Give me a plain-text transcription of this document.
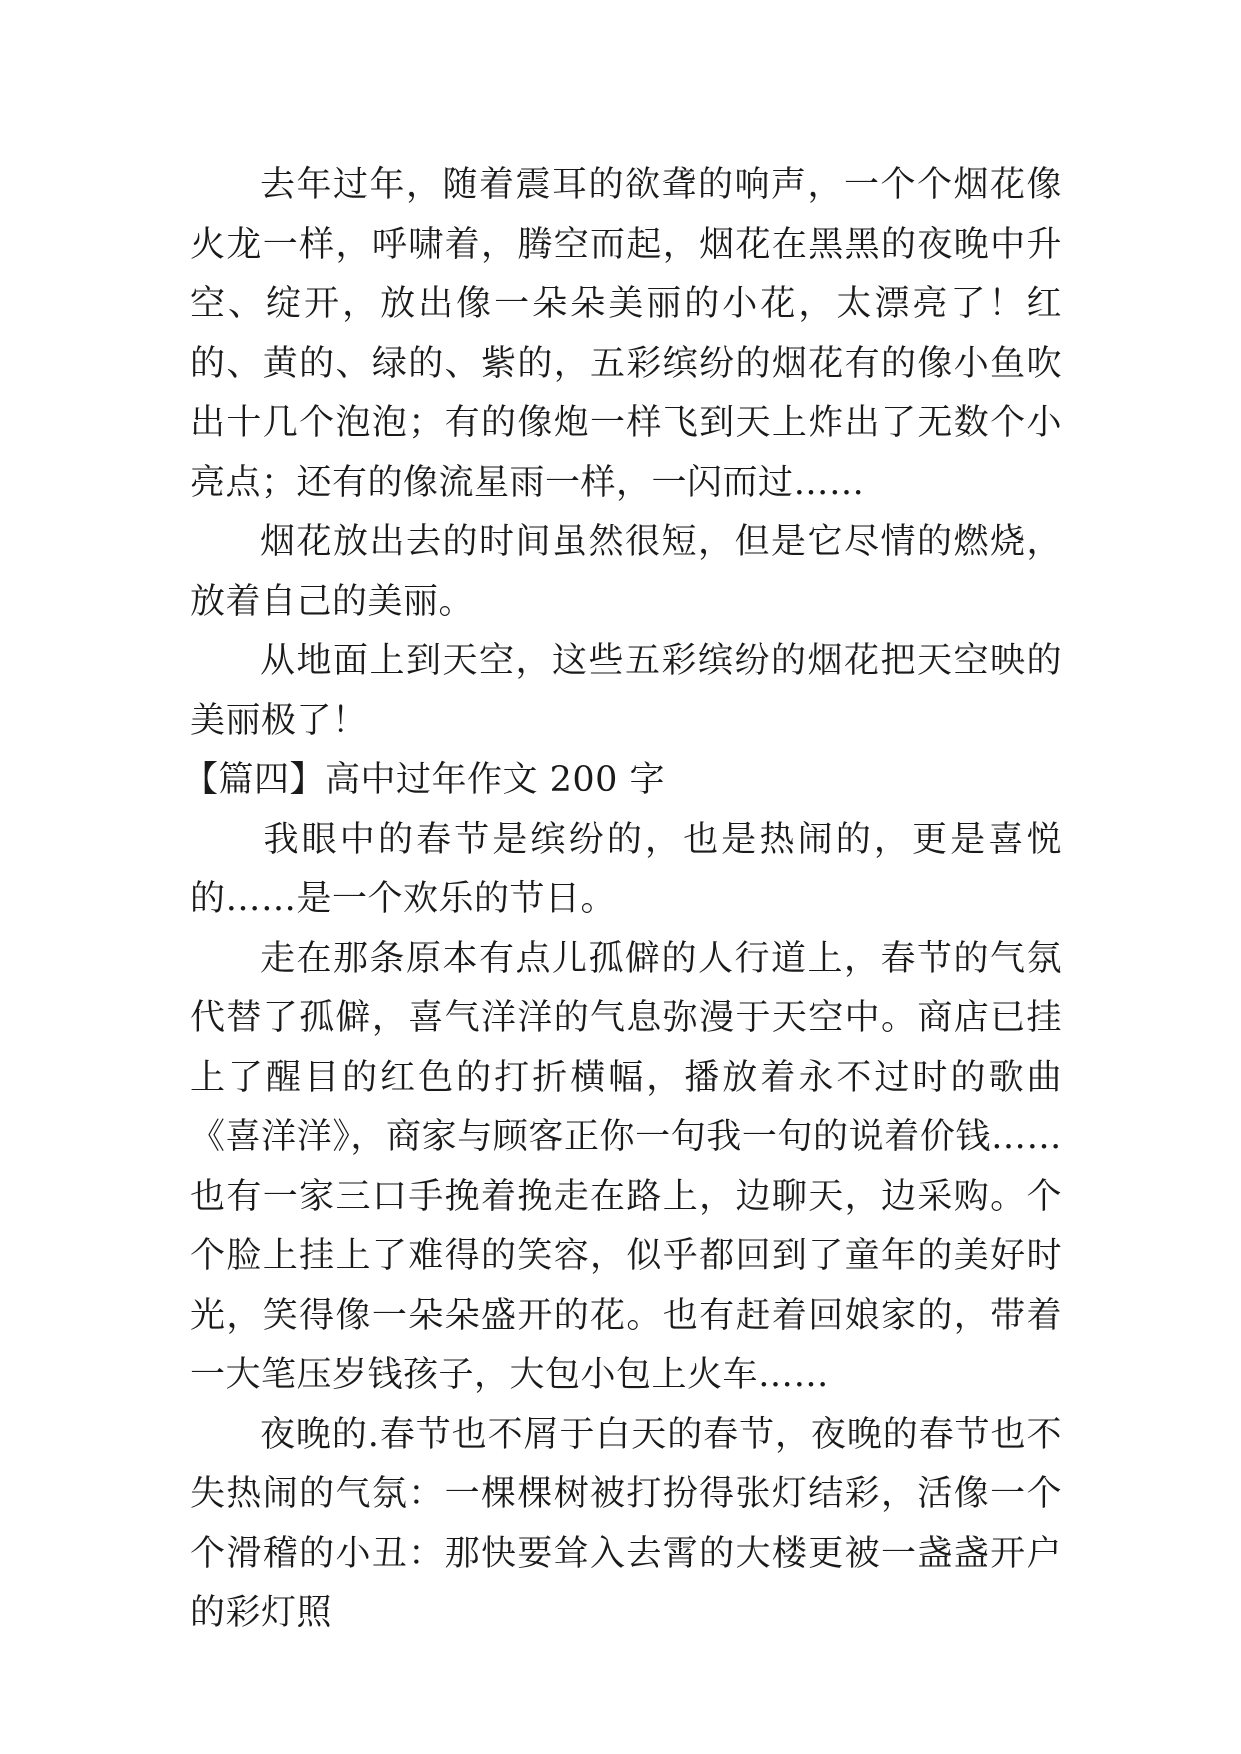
去年过年，随着震耳的欲聋的响声，一个个烟花像火龙一样，呼啸着，腾空而起，烟花在黑黑的夜晚中升空、绽开，放出像一朵朵美丽的小花，太漂亮了！红的、黄的、绿的、紫的，五彩缤纷的烟花有的像小鱼吹出十几个泡泡；有的像炮一样飞到天上炸出了无数个小亮点；还有的像流星雨一样，一闪而过……

烟花放出去的时间虽然很短，但是它尽情的燃烧，放着自己的美丽。

从地面上到天空，这些五彩缤纷的烟花把天空映的美丽极了！

【篇四】高中过年作文 200 字

我眼中的春节是缤纷的，也是热闹的，更是喜悦的……是一个欢乐的节日。

走在那条原本有点儿孤僻的人行道上，春节的气氛代替了孤僻，喜气洋洋的气息弥漫于天空中。商店已挂上了醒目的红色的打折横幅，播放着永不过时的歌曲《喜洋洋》，商家与顾客正你一句我一句的说着价钱……也有一家三口手挽着挽走在路上，边聊天，边采购。个个脸上挂上了难得的笑容，似乎都回到了童年的美好时光，笑得像一朵朵盛开的花。也有赶着回娘家的，带着一大笔压岁钱孩子，大包小包上火车……

夜晚的.春节也不屑于白天的春节，夜晚的春节也不失热闹的气氛：一棵棵树被打扮得张灯结彩，活像一个个滑稽的小丑：那快要耸入去霄的大楼更被一盏盏开户的彩灯照
